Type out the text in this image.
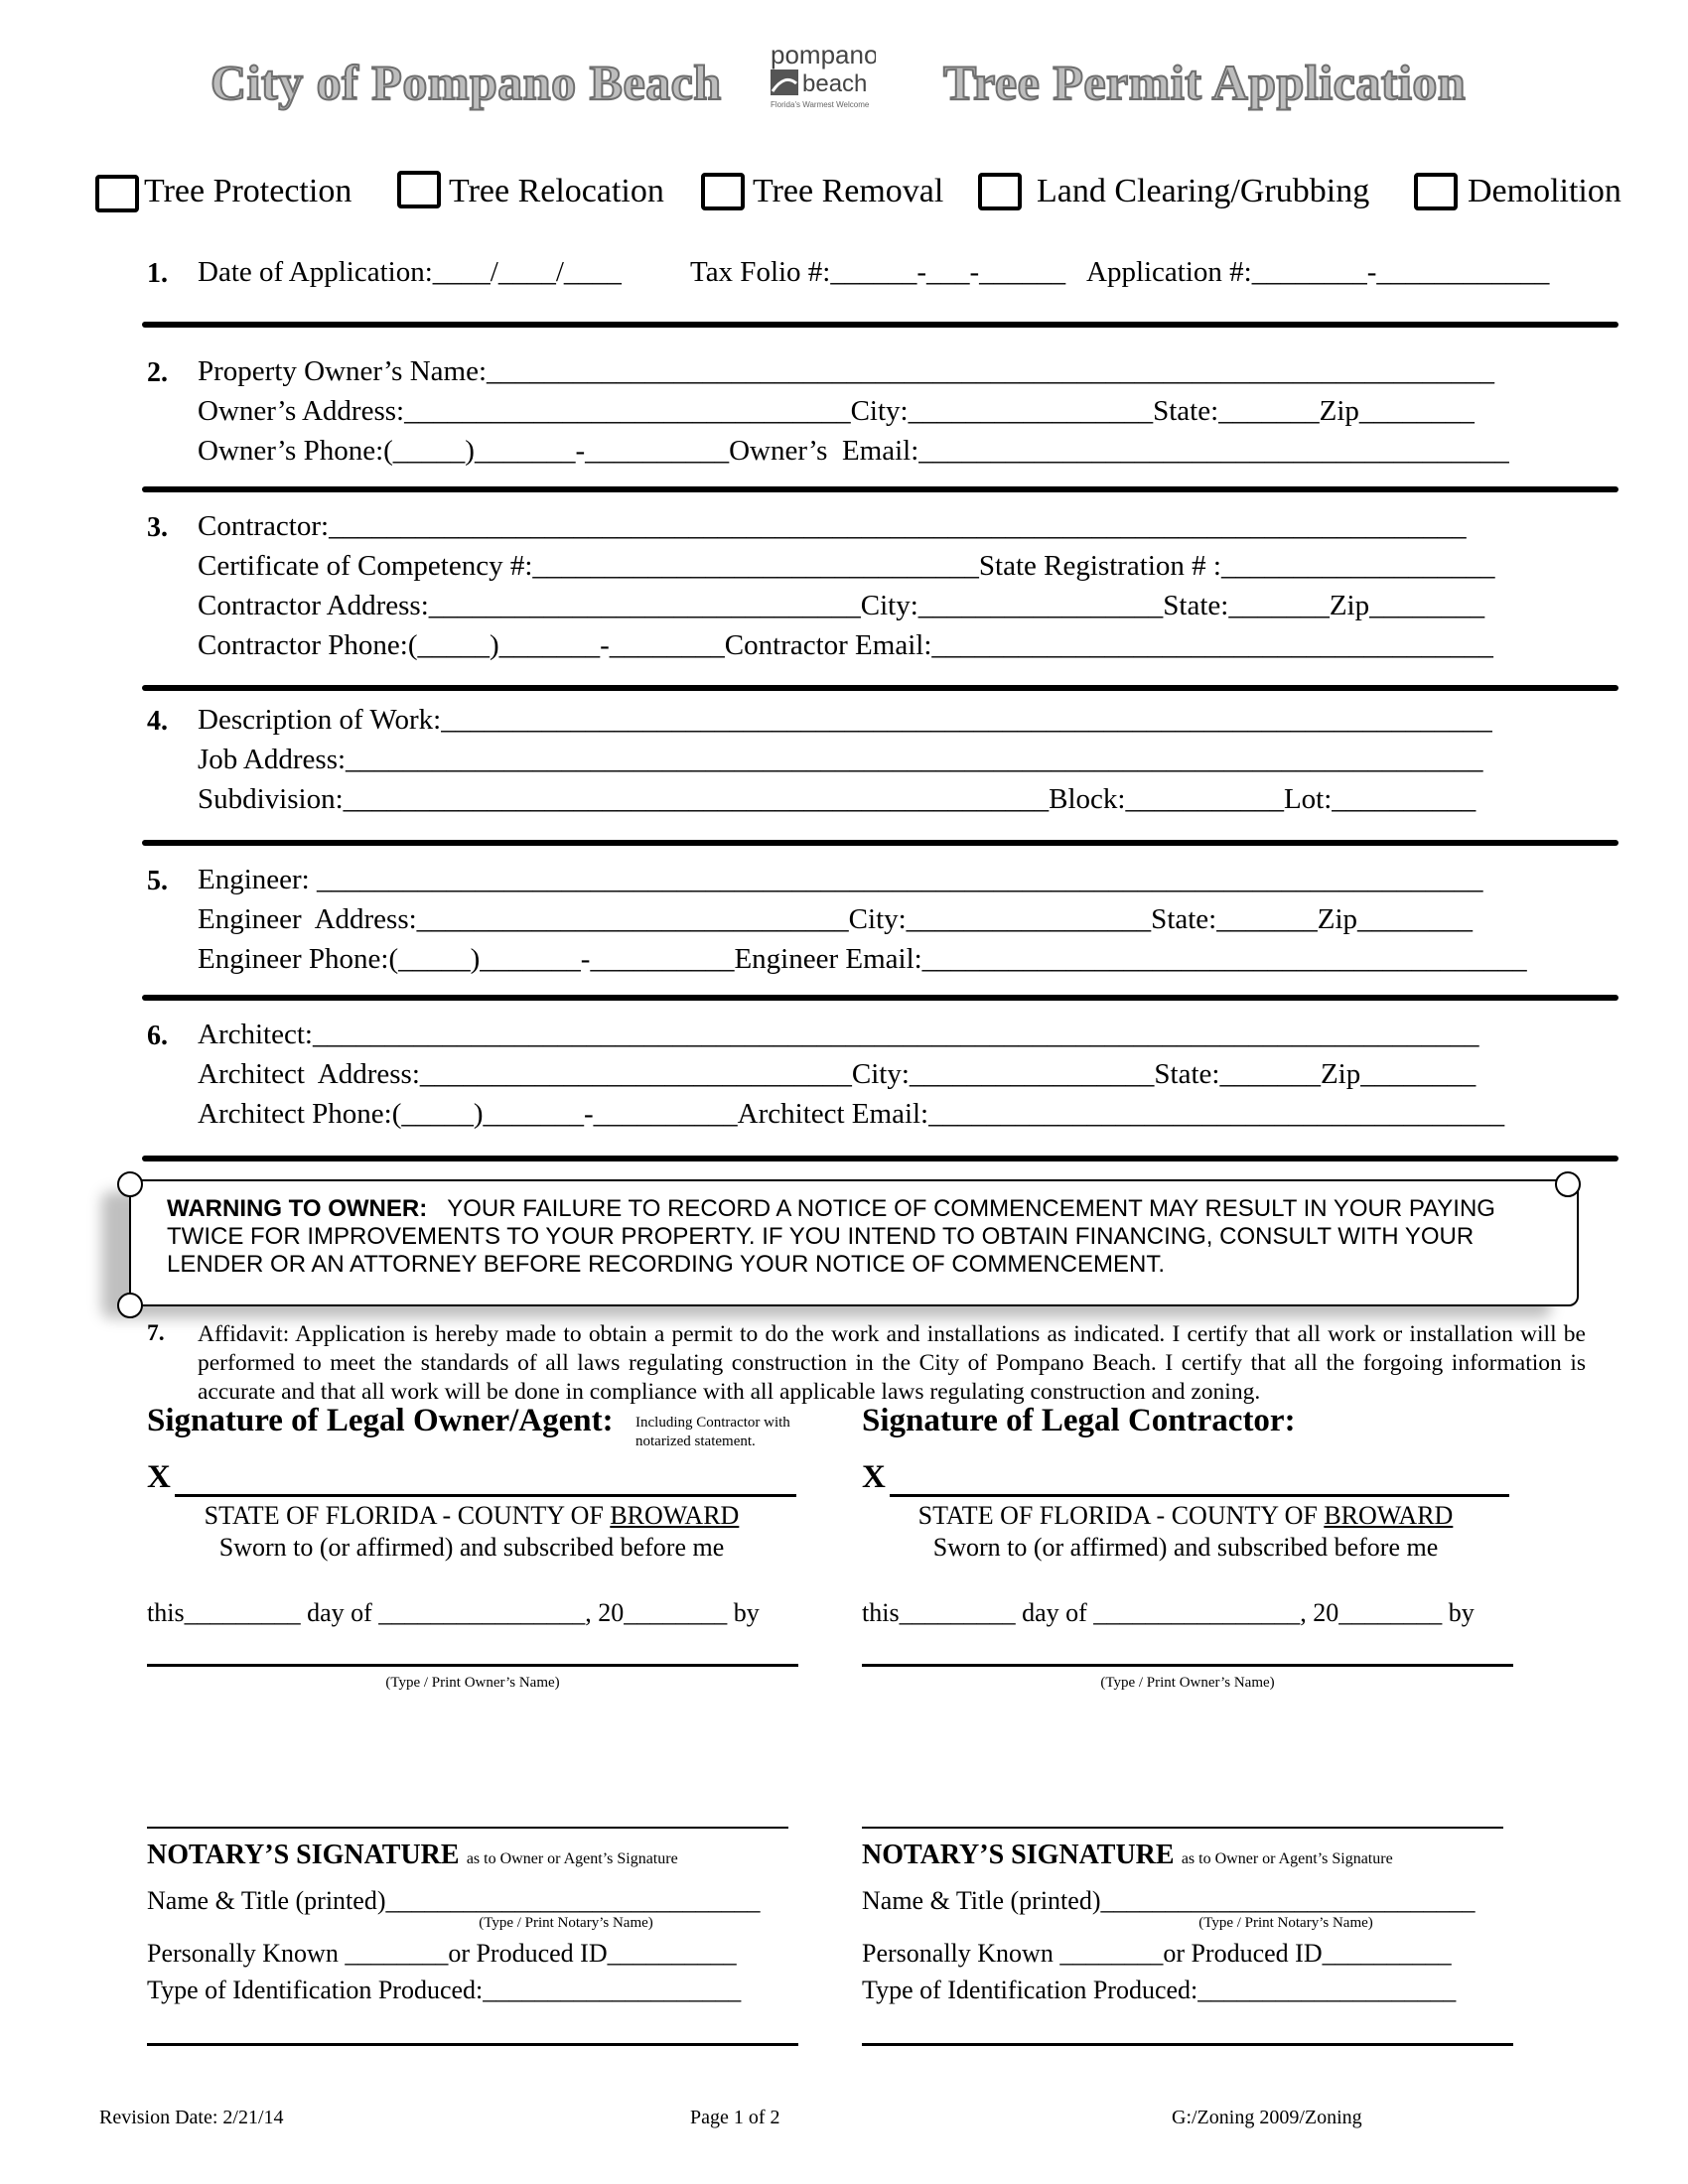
City of Pompano Beach pompano
beach
Florida's Warmest Welcome Tree Permit Application
Tree Protection	Tree Relocation	Tree Removal	Land Clearing/Grubbing	Demolition
1. Date of Application:____/____/____ Tax Folio #:______-___-______ Application #:________-____________
2. Property Owner’s Name:______________________________________________________________________
Owner’s Address:_______________________________City:_________________State:_______Zip________
Owner’s Phone:(_____)_______-__________Owner’s  Email:_________________________________________
3. Contractor:_______________________________________________________________________________
Certificate of Competency #:_______________________________State Registration # :___________________
Contractor Address:______________________________City:_________________State:_______Zip________
Contractor Phone:(_____)_______-________Contractor Email:_______________________________________
4. Description of Work:_________________________________________________________________________
Job Address:_______________________________________________________________________________
Subdivision:_________________________________________________Block:___________Lot:__________
5. Engineer: _________________________________________________________________________________
Engineer  Address:______________________________City:_________________State:_______Zip________
Engineer Phone:(_____)_______-__________Engineer Email:__________________________________________
6. Architect:_________________________________________________________________________________
Architect  Address:______________________________City:_________________State:_______Zip________
Architect Phone:(_____)_______-__________Architect Email:________________________________________
WARNING TO OWNER: YOUR FAILURE TO RECORD A NOTICE OF COMMENCEMENT MAY RESULT IN YOUR PAYING TWICE FOR IMPROVEMENTS TO YOUR PROPERTY. IF YOU INTEND TO OBTAIN FINANCING, CONSULT WITH YOUR LENDER OR AN ATTORNEY BEFORE RECORDING YOUR NOTICE OF COMMENCEMENT.
7. Affidavit: Application is hereby made to obtain a permit to do the work and installations as indicated. I certify that all work or installation will be performed to meet the standards of all laws regulating construction in the City of Pompano Beach. I certify that all the forgoing information is accurate and that all work will be done in compliance with all applicable laws regulating construction and zoning.
Signature of Legal Owner/Agent: Including Contractor with
notarized statement.
X
STATE OF FLORIDA - COUNTY OF BROWARD
Sworn to (or affirmed) and subscribed before me
this_________ day of ________________, 20________ by
(Type / Print Owner’s Name)
NOTARY’S SIGNATURE as to Owner or Agent’s Signature
Name & Title (printed)_____________________________
(Type / Print Notary’s Name)
Personally Known ________or Produced ID__________
Type of Identification Produced:____________________
Signature of Legal Contractor:
X
STATE OF FLORIDA - COUNTY OF BROWARD
Sworn to (or affirmed) and subscribed before me
this_________ day of ________________, 20________ by
(Type / Print Owner’s Name)
NOTARY’S SIGNATURE as to Owner or Agent’s Signature
Name & Title (printed)_____________________________
(Type / Print Notary’s Name)
Personally Known ________or Produced ID__________
Type of Identification Produced:____________________
Revision Date: 2/21/14	Page 1 of 2	G:/Zoning 2009/Zoning
